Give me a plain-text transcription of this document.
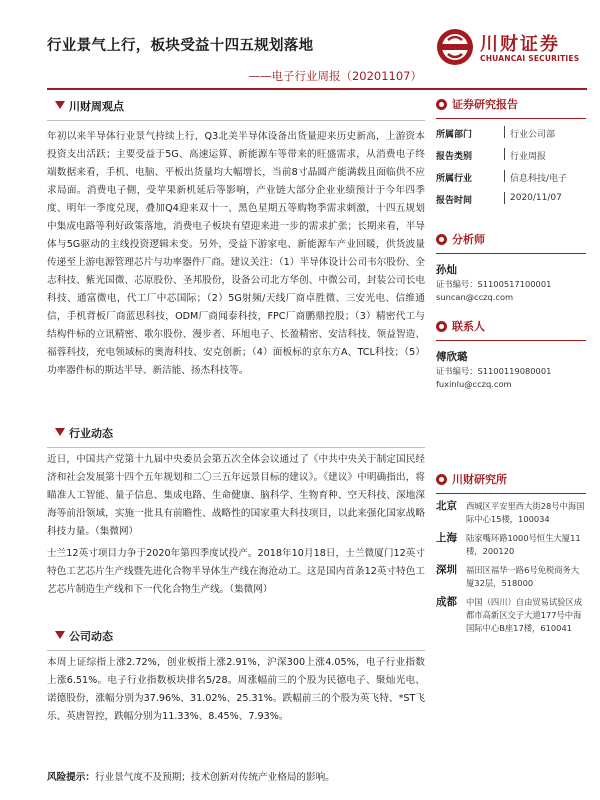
行业景气上行，板块受益十四五规划落地
——电子行业周报（20201107）
川财证券
CHUANCAI SECURITIES
川财周观点
年初以来半导体行业景气持续上行，Q3北美半导体设备出货量迎来历史新高，上游资本投资支出活跃；主要受益于5G、高速运算、新能源车等带来的旺盛需求，从消费电子终端数据来看，手机、电脑、平板出货量均大幅增长，当前8寸晶圆产能满载且面临供不应求局面。消费电子側，受苹果新机延后等影响，产业链大部分企业业绩预计于今年四季度、明年一季度兑现，叠加Q4迎来双十一、黑色星期五等购物季需求刺激，十四五规划中集成电路等利好政策落地，消费电子板块有望迎来进一步的需求扩张；长期来看，半导体与5G驱动的主线投资逻辑未变。另外，受益下游家电、新能源车产业回暖，供货波量传递至上游电源管理芯片与功率器件厂商。建议关注：（1）半导体设计公司韦尔股份、全志科技、紫光国微、芯原股份、圣邦股份，设备公司北方华创、中微公司，封装公司长电科技、通富微电，代工厂中芯国际；（2）5G射频/天线厂商卓胜微、三安光电、信维通信，手机背板厂商蓝思科技，ODM厂商闻泰科技，FPC厂商鹏鼎控股；（3）精密代工与结构件标的立讯精密、歌尔股份、漫步者、环旭电子、长盈精密、安洁科技、领益智造、福蓉科技，充电领域标的奥海科技、安克创新；（4）面板标的京东方A、TCL科技；（5）功率器件标的斯达半导、新洁能、扬杰科技等。
行业动态
近日，中国共产党第十九届中央委员会第五次全体会议通过了《中共中央关于制定国民经济和社会发展第十四个五年规划和二〇三五年远景目标的建议》。《建议》中明确指出，将瞄准人工智能、量子信息、集成电路、生命健康、脑科学、生物育种、空天科技、深地深海等前沿领域，实施一批具有前瞻性、战略性的国家重大科技项目，以此来强化国家战略科技力量。（集微网）
士兰12英寸项目力争于2020年第四季度试投产。2018年10月18日，士兰微厦门12英寸特色工艺芯片生产线暨先进化合物半导体生产线在海沧动工。这是国内首条12英寸特色工艺芯片制造生产线和下一代化合物生产线。（集微网）
公司动态
本周上证综指上涨2.72%，创业板指上涨2.91%，沪深300上涨4.05%，电子行业指数上涨6.51%。电子行业指数板块排名5/28。周涨幅前三的个股为民德电子、聚灿光电、诺德股份，涨幅分别为37.96%、31.02%、25.31%。跌幅前三的个股为英飞特、*ST飞乐、英唐智控，跌幅分别为11.33%、8.45%、7.93%。
风险提示：行业景气度不及预期；技术创新对传统产业格局的影响。
证券研究报告
所属部门	行业公司部
报告类别	行业周报
所属行业	信息科技/电子
报告时间	2020/11/07
分析师
孙灿
证书编号：S1100517100001
suncan@cczq.com
联系人
傅欣璐
证书编号：S1100119080001
fuxinlu@cczq.com
川财研究所
北京 西城区平安里西大街28号中海国际中心15楼，100034
上海 陆家嘴环路1000号恒生大厦11楼，200120
深圳 福田区福华一路6号免税商务大厦32层，518000
成都 中国（四川）自由贸易试验区成都市高新区交子大道177号中海国际中心B座17楼，610041
